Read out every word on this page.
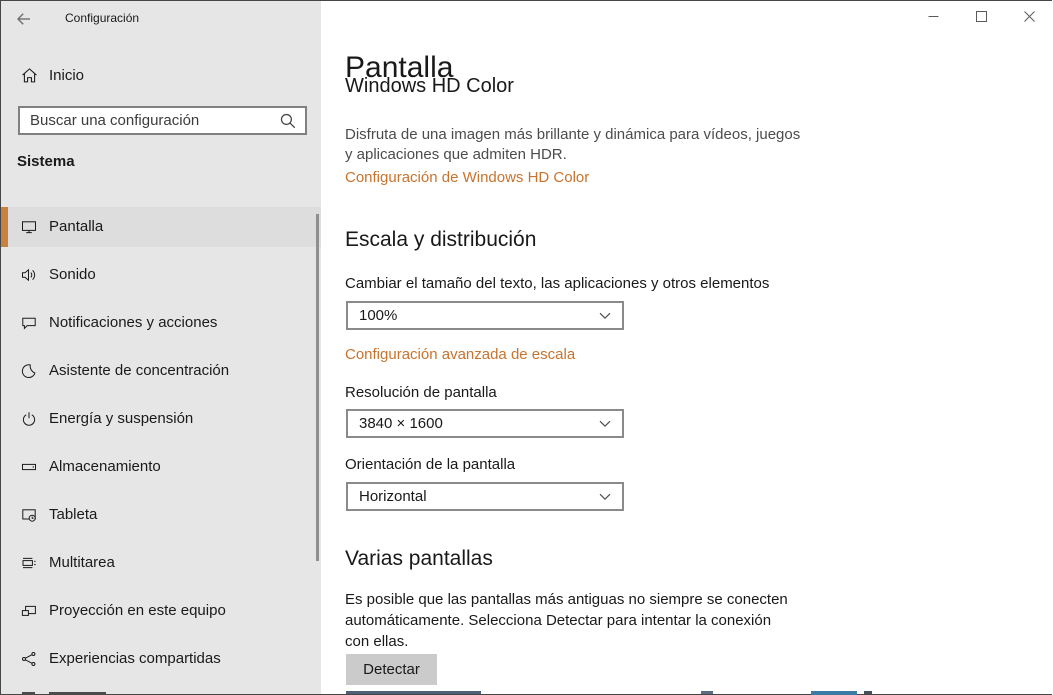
Configuración
Inicio
Buscar una configuración
Sistema
Pantalla
Sonido
Notificaciones y acciones
Asistente de concentración
Energía y suspensión
Almacenamiento
Tableta
Multitarea
Proyección en este equipo
Experiencias compartidas
Pantalla
Windows HD Color

Disfruta de una imagen más brillante y dinámica para vídeos, juegos y aplicaciones que admiten HDR.

Configuración de Windows HD Color
Escala y distribución
Cambiar el tamaño del texto, las aplicaciones y otros elementos
100%
Configuración avanzada de escala
Resolución de pantalla
3840 × 1600
Orientación de la pantalla
Horizontal
Varias pantallas

Es posible que las pantallas más antiguas no siempre se conecten automáticamente. Selecciona Detectar para intentar la conexión con ellas.

Detectar
